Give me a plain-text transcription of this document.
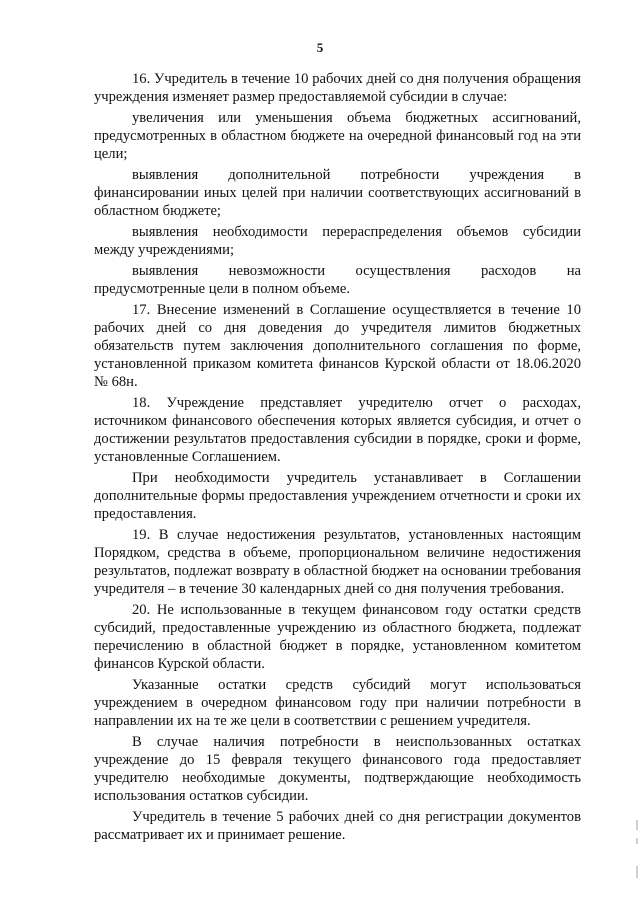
5

16. Учредитель в течение 10 рабочих дней со дня получения обращения учреждения изменяет размер предоставляемой субсидии в случае:

увеличения или уменьшения объема бюджетных ассигнований, предусмотренных в областном бюджете на очередной финансовый год на эти цели;

выявления дополнительной потребности учреждения в финансировании иных целей при наличии соответствующих ассигнований в областном бюджете;

выявления необходимости перераспределения объемов субсидии между учреждениями;

выявления невозможности осуществления расходов на предусмотренные цели в полном объеме.

17. Внесение изменений в Соглашение осуществляется в течение 10 рабочих дней со дня доведения до учредителя лимитов бюджетных обязательств путем заключения дополнительного соглашения по форме, установленной приказом комитета финансов Курской области от 18.06.2020 № 68н.

18. Учреждение представляет учредителю отчет о расходах, источником финансового обеспечения которых является субсидия, и отчет о достижении результатов предоставления субсидии в порядке, сроки и форме, установленные Соглашением.

При необходимости учредитель устанавливает в Соглашении дополнительные формы предоставления учреждением отчетности и сроки их предоставления.

19. В случае недостижения результатов, установленных настоящим Порядком, средства в объеме, пропорциональном величине недостижения результатов, подлежат возврату в областной бюджет на основании требования учредителя – в течение 30 календарных дней со дня получения требования.

20. Не использованные в текущем финансовом году остатки средств субсидий, предоставленные учреждению из областного бюджета, подлежат перечислению в областной бюджет в порядке, установленном комитетом финансов Курской области.

Указанные остатки средств субсидий могут использоваться учреждением в очередном финансовом году при наличии потребности в направлении их на те же цели в соответствии с решением учредителя.

В случае наличия потребности в неиспользованных остатках учреждение до 15 февраля текущего финансового года предоставляет учредителю необходимые документы, подтверждающие необходимость использования остатков субсидии.

Учредитель в течение 5 рабочих дней со дня регистрации документов рассматривает их и принимает решение.
